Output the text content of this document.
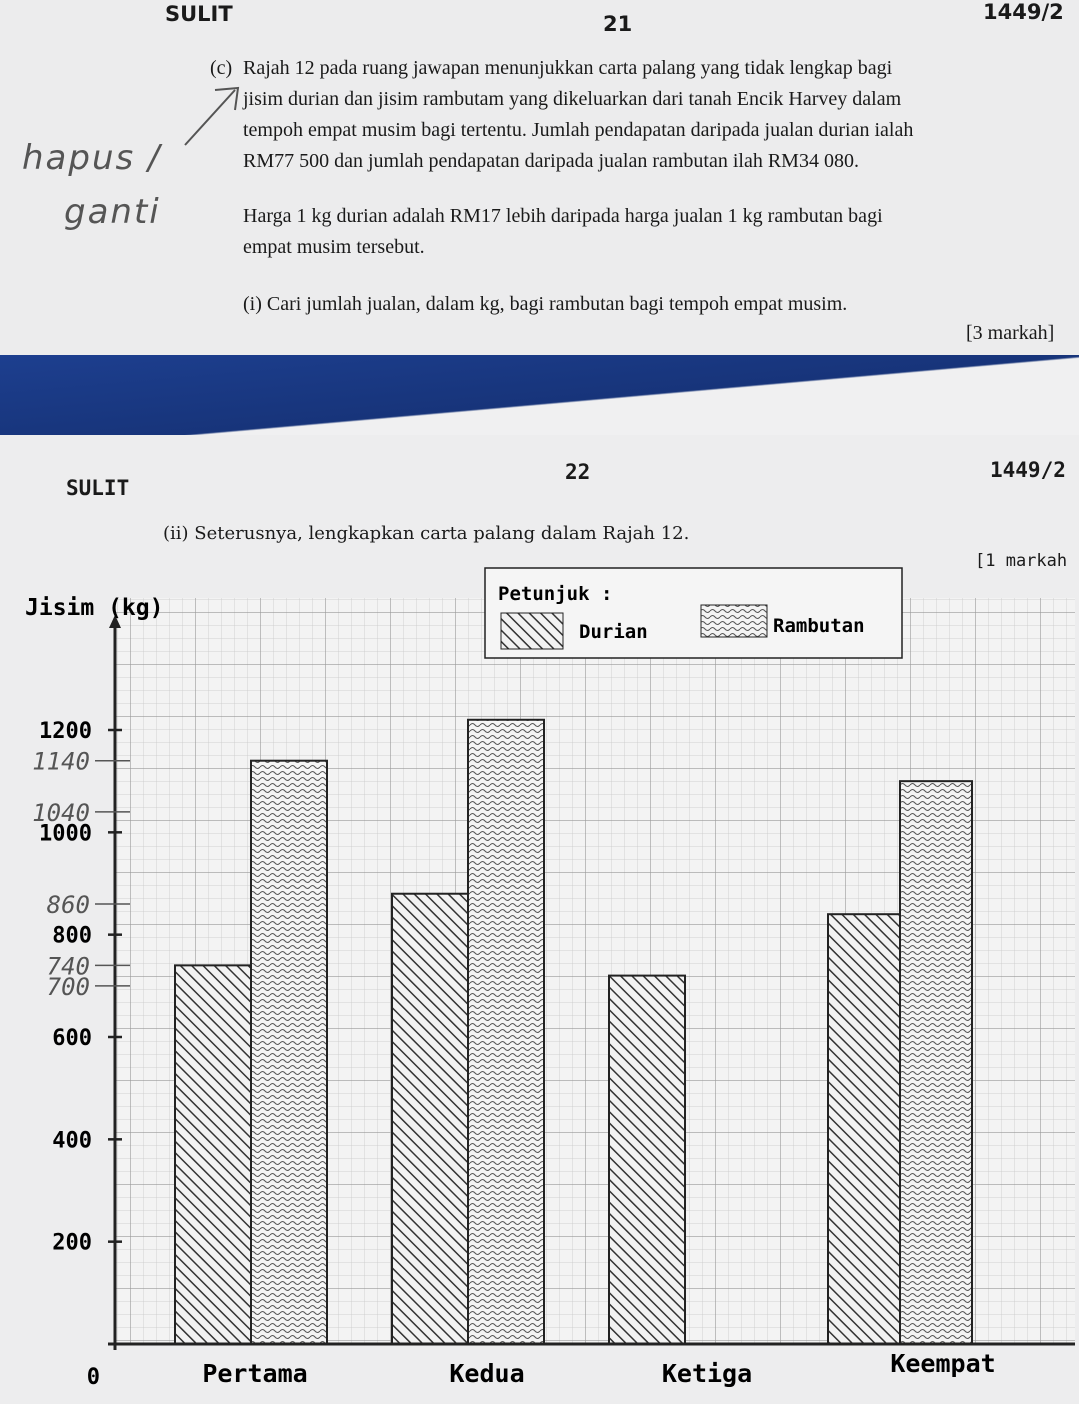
SULIT	21	1449/2
(c) Rajah 12 pada ruang jawapan menunjukkan carta palang yang tidak lengkap bagi
jisim durian dan jisim rambutam yang dikeluarkan dari tanah Encik Harvey dalam
tempoh empat musim bagi tertentu. Jumlah pendapatan daripada jualan durian ialah
RM77 500 dan jumlah pendapatan daripada jualan rambutan ilah RM34 080.
Harga 1 kg durian adalah RM17 lebih daripada harga jualan 1 kg rambutan bagi
empat musim tersebut.
(i) Cari jumlah jualan, dalam kg, bagi rambutan bagi tempoh empat musim.
[3 markah]
hapus /
ganti
22
SULIT
1449/2
(ii) Seterusnya, lengkapkan carta palang dalam Rajah 12.
[1 markah
0
200
400
600
800
1000
1200
1140
1040
860
740
700
Pertama	Kedua	Ketiga	Keempat
Jisim (kg)
Petunjuk :
Durian	Rambutan
